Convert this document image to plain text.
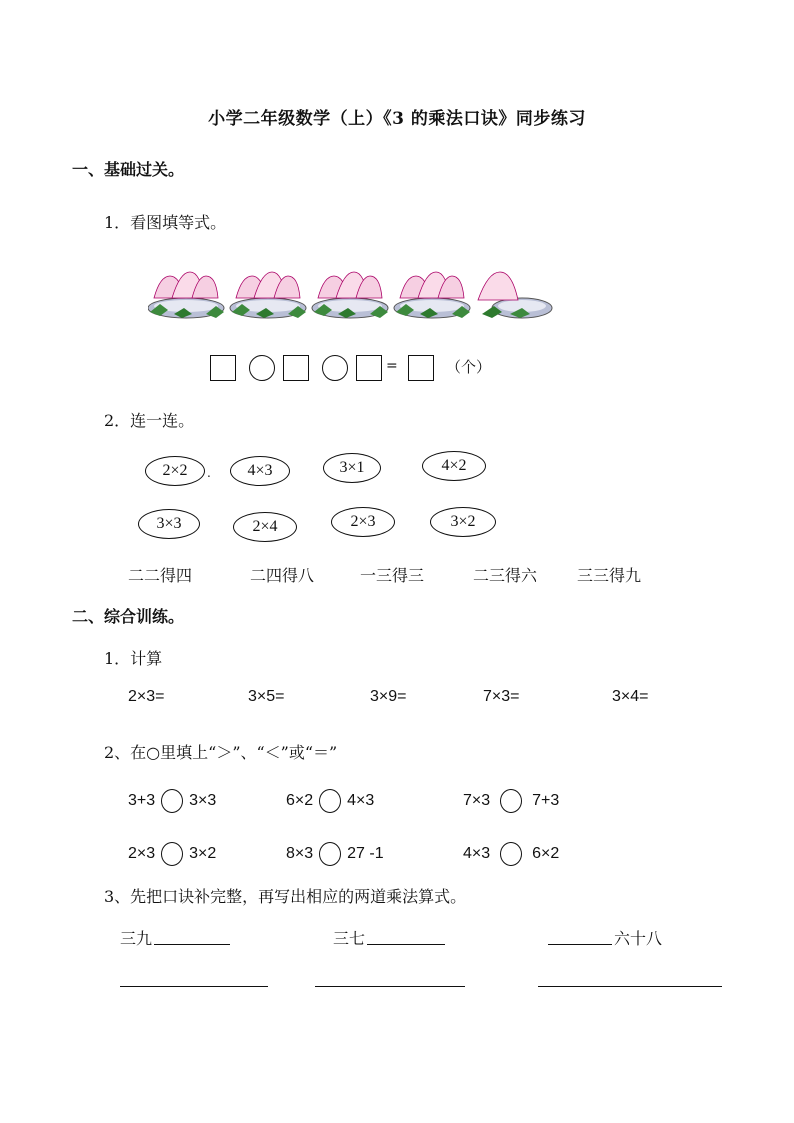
小学二年级数学（上）《3 的乘法口诀》同步练习
一、基础过关。
1．看图填等式。
=	（个）
2．连一连。
2×2	.	4×3	3×1	4×2
3×3	2×4	2×3	3×2
二二得四	二四得八	一三得三	二三得六 三三得九
二、综合训练。
1．计算
2×3=	3×5=	3×9=	7×3=	3×4=
2、在○里填上“＞”、“＜”或“＝”
3+3 3×3	6×2 4×3	7×3	7+3
2×3 3×2	8×3 27 -1	4×3	6×2
3、先把口诀补完整，再写出相应的两道乘法算式。
三九	三七	六十八
